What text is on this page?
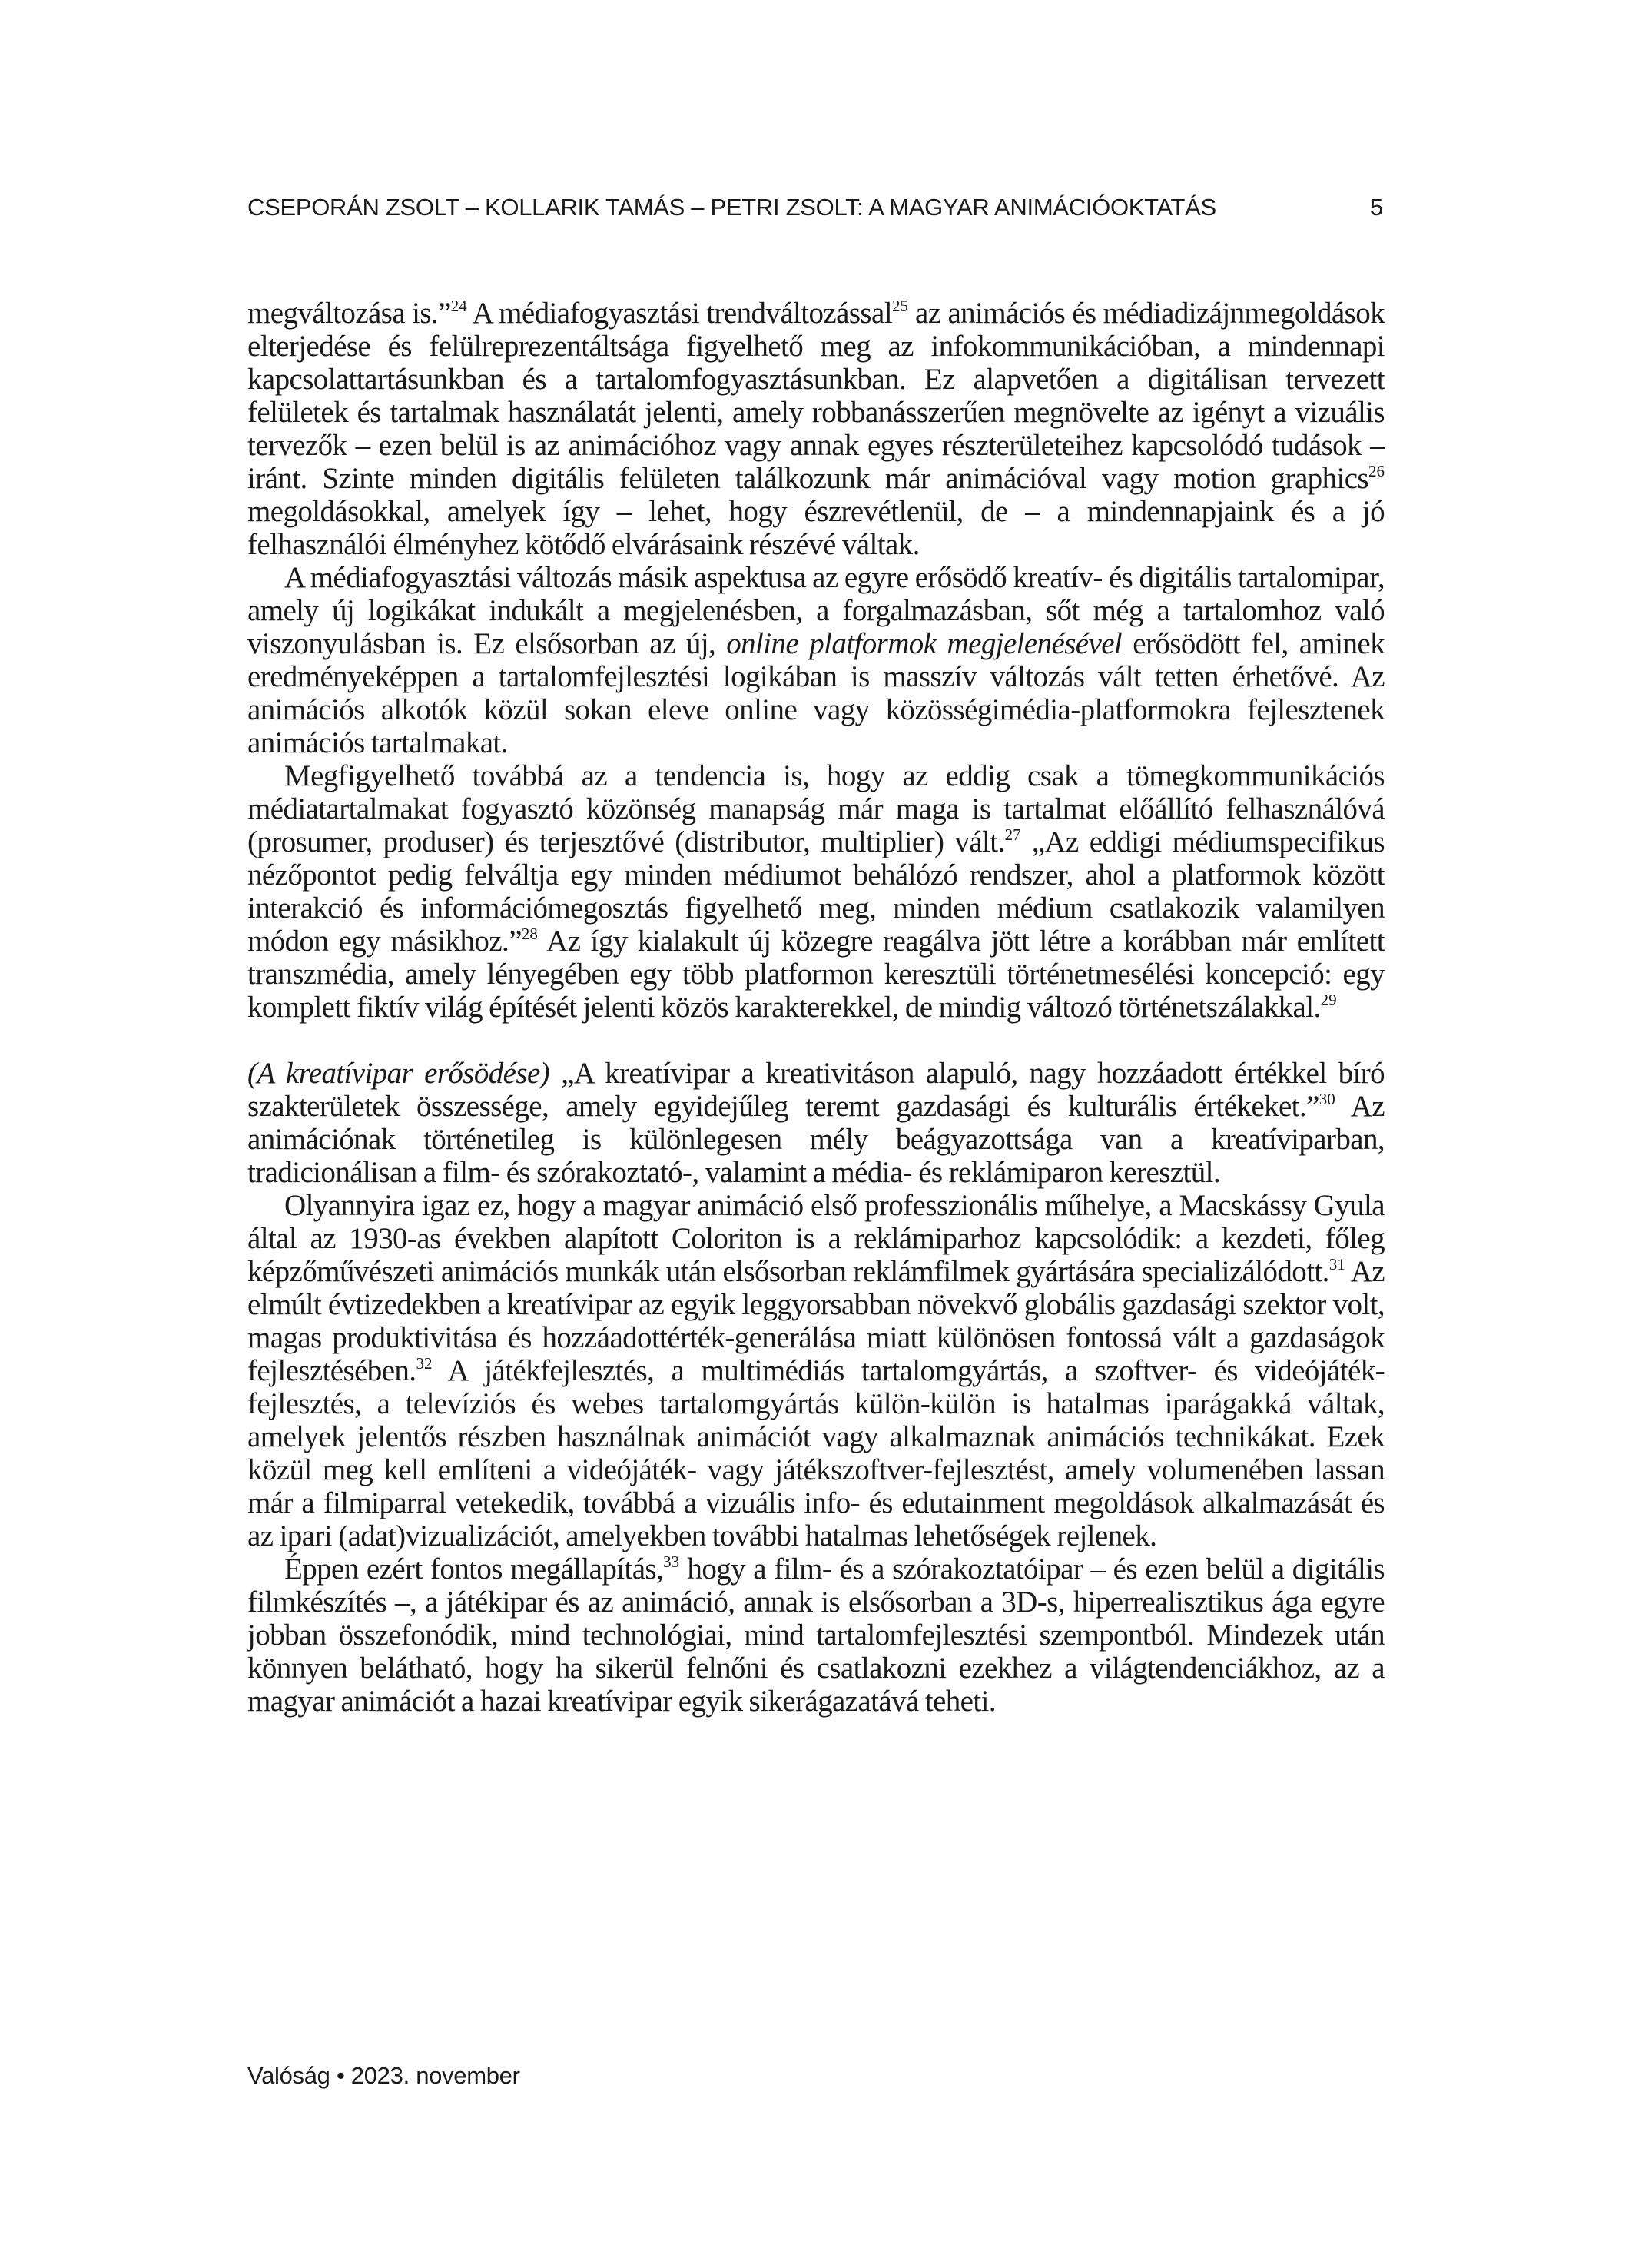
CSEPORÁN ZSOLT – KOLLARIK TAMÁS – PETRI ZSOLT: A MAGYAR ANIMÁCIÓOKTATÁS	5

megváltozása is.”$^{24}$ A médiafogyasztási trendváltozással$^{25}$ az animációs és médiadizájnmegoldások elterjedése és felülreprezentáltsága figyelhető meg az infokommunikációban, a mindennapi kapcsolattartásunkban és a tartalomfogyasztásunkban. Ez alapvetően a digitálisan tervezett felületek és tartalmak használatát jelenti, amely robbanásszerűen megnövelte az igényt a vizuális tervezők – ezen belül is az animációhoz vagy annak egyes részterületeihez kapcsolódó tudások – iránt. Szinte minden digitális felületen találkozunk már animációval vagy motion graphics$^{26}$ megoldásokkal, amelyek így – lehet, hogy észrevétlenül, de – a mindennapjaink és a jó felhasználói élményhez kötődő elvárásaink részévé váltak.

A médiafogyasztási változás másik aspektusa az egyre erősödő kreatív- és digitális tartalomipar, amely új logikákat indukált a megjelenésben, a forgalmazásban, sőt még a tartalomhoz való viszonyulásban is. Ez elsősorban az új, online platformok megjelenésével erősödött fel, aminek eredményeképpen a tartalomfejlesztési logikában is masszív változás vált tetten érhetővé. Az animációs alkotók közül sokan eleve online vagy közösségimédia-platformokra fejlesztenek animációs tartalmakat.

Megfigyelhető továbbá az a tendencia is, hogy az eddig csak a tömegkommunikációs médiatartalmakat fogyasztó közönség manapság már maga is tartalmat előállító felhasználóvá (prosumer, produser) és terjesztővé (distributor, multiplier) vált.$^{27}$ „Az eddigi médiumspecifikus nézőpontot pedig felváltja egy minden médiumot behálózó rendszer, ahol a platformok között interakció és információmegosztás figyelhető meg, minden médium csatlakozik valamilyen módon egy másikhoz.”$^{28}$ Az így kialakult új közegre reagálva jött létre a korábban már említett transzmédia, amely lényegében egy több platformon keresztüli történetmesélési koncepció: egy komplett fiktív világ építését jelenti közös karakterekkel, de mindig változó történetszálakkal.$^{29}$

(A kreatívipar erősödése) „A kreatívipar a kreativitáson alapuló, nagy hozzáadott értékkel bíró szakterületek összessége, amely egyidejűleg teremt gazdasági és kulturális értékeket.”$^{30}$ Az animációnak történetileg is különlegesen mély beágyazottsága van a kreatíviparban, tradicionálisan a film- és szórakoztató-, valamint a média- és reklámiparon keresztül.

Olyannyira igaz ez, hogy a magyar animáció első professzionális műhelye, a Macskássy Gyula által az 1930-as években alapított Coloriton is a reklámiparhoz kapcsolódik: a kezdeti, főleg képzőművészeti animációs munkák után elsősorban reklámfilmek gyártására specializálódott.$^{31}$ Az elmúlt évtizedekben a kreatívipar az egyik leggyorsabban növekvő globális gazdasági szektor volt, magas produktivitása és hozzáadottérték-generálása miatt különösen fontossá vált a gazdaságok fejlesztésében.$^{32}$ A játékfejlesztés, a multimédiás tartalomgyártás, a szoftver- és videójáték-fejlesztés, a televíziós és webes tartalomgyártás külön-külön is hatalmas iparágakká váltak, amelyek jelentős részben használnak animációt vagy alkalmaznak animációs technikákat. Ezek közül meg kell említeni a videójáték- vagy játékszoftver-fejlesztést, amely volumenében lassan már a filmiparral vetekedik, továbbá a vizuális info- és edutainment megoldások alkalmazását és az ipari (adat)vizualizációt, amelyekben további hatalmas lehetőségek rejlenek.

Éppen ezért fontos megállapítás,$^{33}$ hogy a film- és a szórakoztatóipar – és ezen belül a digitális filmkészítés –, a játékipar és az animáció, annak is elsősorban a 3D-s, hiperrealisztikus ága egyre jobban összefonódik, mind technológiai, mind tartalomfejlesztési szempontból. Mindezek után könnyen belátható, hogy ha sikerül felnőni és csatlakozni ezekhez a világtendenciákhoz, az a magyar animációt a hazai kreatívipar egyik sikerágazatává teheti.

Valóság • 2023. november
